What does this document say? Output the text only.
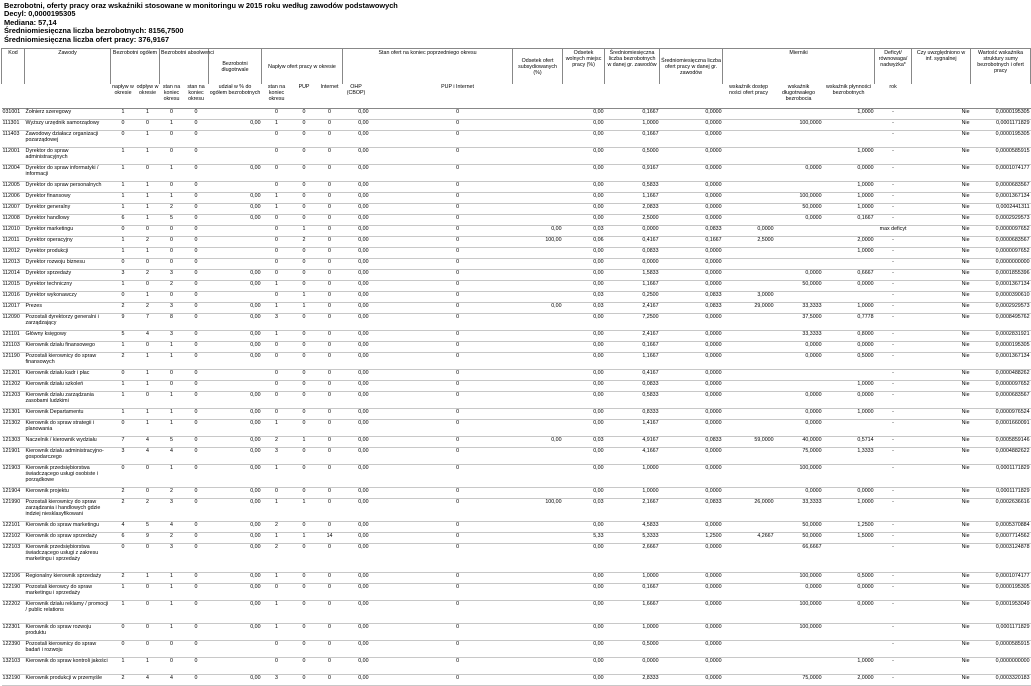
Bezrobotni, oferty pracy oraz wskaźniki stosowane w monitoringu w 2015 roku według zawodów podstawowych
Decyl: 0,0000195305
Mediana: 57,14
Średniomiesięczna liczba bezrobotnych: 8156,7500
Średniomiesięczna liczba ofert pracy: 376,9167
Kod	Zawody	Bezrobotni ogółem		Bezrobotni absolwenci		Bezrobotni długotrwale	Napływ ofert pracy w okresie			Stan ofert na koniec poprzedniego okresu			Odsetek ofert subsydiowanych (%)	Odsetek wolnych miejsc pracy (%)	Średniomiesięczna liczba bezrobotnych w danej gr. zawodów	Średniomiesięczna liczba ofert pracy w danej gr. zawodów	Mierniki			Deficyt/ równowaga/ nadwyżka*	Czy uwzględniono w inf. sygnalnej	Wartość wskaźnika struktury sumy bezrobotnych i ofert pracy
		napływ w okresie	odpływ w okresie	stan na koniec okresu	stan na koniec okresu	udział w % do ogółem bezrobotnych	stan na koniec okresu	PUP	Internet	OHP (CBOP)		PUP i Internet					wskaźnik dostęp ności ofert pracy	wskaźnik długotrwałego bezrobocia	wskaźnik płynności bezrobotnych	rok		
031001	Żołnierz szeregowy	1	1	0	0		0	0	0	0,00		0		0,00	0,1667	0,0000			1,0000	-	Nie	0,0000195305
111301	Wyższy urzędnik samorządowy	0	0	1	0	0,00	1	0	0	0,00		0		0,00	1,0000	0,0000		100,0000		-	Nie	0,0001171829
111403	Zawodowy działacz organizacji pozarządowej	0	1	0	0		0	0	0	0,00		0		0,00	0,1667	0,0000				-	Nie	0,0000195305
112001	Dyrektor do spraw administracyjnych	1	1	0	0		0	0	0	0,00		0		0,00	0,5000	0,0000			1,0000	-	Nie	0,0000585915
112004	Dyrektor do spraw informatyki / informacji	1	0	1	0	0,00	0	0	0	0,00		0		0,00	0,9167	0,0000		0,0000	0,0000	-	Nie	0,0001074177
112005	Dyrektor do spraw personalnych	1	1	0	0		0	0	0	0,00		0		0,00	0,5833	0,0000			1,0000	-	Nie	0,0000683567
112006	Dyrektor finansowy	1	1	1	0	0,00	1	0	0	0,00		0		0,00	1,1667	0,0000		100,0000	1,0000	-	Nie	0,0001367134
112007	Dyrektor generalny	1	1	2	0	0,00	1	0	0	0,00		0		0,00	2,0833	0,0000		50,0000	1,0000	-	Nie	0,0002441311
112008	Dyrektor handlowy	6	1	5	0	0,00	0	0	0	0,00		0		0,00	2,5000	0,0000		0,0000	0,1667	-	Nie	0,0002929573
112010	Dyrektor marketingu	0	0	0	0		0	1	0	0,00		0	0,00	0,03	0,0000	0,0833	0,0000			max deficyt	Nie	0,0000097652
112011	Dyrektor operacyjny	1	2	0	0		0	2	0	0,00		0	100,00	0,06	0,4167	0,1667	2,5000		2,0000	-	Nie	0,0000683567
112012	Dyrektor produkcji	1	1	0	0		0	0	0	0,00		0		0,00	0,0833	0,0000			1,0000	-	Nie	0,0000097652
112013	Dyrektor rozwoju biznesu	0	0	0	0		0	0	0	0,00		0		0,00	0,0000	0,0000				-	Nie	0,0000000000
112014	Dyrektor sprzedaży	3	2	3	0	0,00	0	0	0	0,00		0		0,00	1,5833	0,0000		0,0000	0,6667	-	Nie	0,0001855396
112015	Dyrektor techniczny	1	0	2	0	0,00	1	0	0	0,00		0		0,00	1,1667	0,0000		50,0000	0,0000	-	Nie	0,0001367134
112016	Dyrektor wykonawczy	0	1	0	0		0	1	0	0,00		0		0,03	0,2500	0,0833	3,0000			-	Nie	0,0000390610
112017	Prezes	2	2	3	0	0,00	1	1	0	0,00		0	0,00	0,03	2,4167	0,0833	29,0000	33,3333	1,0000	-	Nie	0,0002929573
112090	Pozostali dyrektorzy generalni i zarządzający	9	7	8	0	0,00	3	0	0	0,00		0		0,00	7,2500	0,0000		37,5000	0,7778	-	Nie	0,0008495762
121101	Główny księgowy	5	4	3	0	0,00	1	0	0	0,00		0		0,00	2,4167	0,0000		33,3333	0,8000	-	Nie	0,0002831921
121103	Kierownik działu finansowego	1	0	1	0	0,00	0	0	0	0,00		0		0,00	0,1667	0,0000		0,0000	0,0000	-	Nie	0,0000195305
121190	Pozostali kierownicy do spraw finansowych	2	1	1	0	0,00	0	0	0	0,00		0		0,00	1,1667	0,0000		0,0000	0,5000	-	Nie	0,0001367134
121201	Kierownik działu kadr i płac	0	1	0	0		0	0	0	0,00		0		0,00	0,4167	0,0000				-	Nie	0,0000488262
121202	Kierownik działu szkoleń	1	1	0	0		0	0	0	0,00		0		0,00	0,0833	0,0000			1,0000	-	Nie	0,0000097652
121203	Kierownik działu zarządzania zasobami ludzkimi	1	0	1	0	0,00	0	0	0	0,00		0		0,00	0,5833	0,0000		0,0000	0,0000	-	Nie	0,0000683567
121301	Kierownik Departamentu	1	1	1	0	0,00	0	0	0	0,00		0		0,00	0,8333	0,0000		0,0000	1,0000	-	Nie	0,0000976524
121302	Kierownik do spraw strategii i planowania	0	1	1	0	0,00	1	0	0	0,00		0		0,00	1,4167	0,0000		0,0000		-	Nie	0,0001660091
121303	Naczelnik / kierownik wydziału	7	4	5	0	0,00	2	1	0	0,00		0	0,00	0,03	4,9167	0,0833	59,0000	40,0000	0,5714	-	Nie	0,0005859146
121901	Kierownik działu administracyjno-gospodarczego	3	4	4	0	0,00	3	0	0	0,00		0		0,00	4,1667	0,0000		75,0000	1,3333	-	Nie	0,0004882622
121903	Kierownik przedsiębiorstwa świadczącego usługi osobiste i porządkowe	0	0	1	0	0,00	1	0	0	0,00		0		0,00	1,0000	0,0000		100,0000		-	Nie	0,0001171829
121904	Kierownik projektu	2	0	2	0	0,00	0	0	0	0,00		0		0,00	1,0000	0,0000		0,0000	0,0000	-	Nie	0,0001171829
121990	Pozostali kierownicy do spraw zarządzania i handlowych gdzie indziej niesklasyfikowani	2	2	3	0	0,00	1	1	0	0,00		0	100,00	0,03	2,1667	0,0833	26,0000	33,3333	1,0000	-	Nie	0,0002636616
122101	Kierownik do spraw marketingu	4	5	4	0	0,00	2	0	0	0,00		0		0,00	4,5833	0,0000		50,0000	1,2500	-	Nie	0,0005370884
122102	Kierownik do spraw sprzedaży	6	9	2	0	0,00	1	1	14	0,00		0		5,33	5,3333	1,2500	4,2667	50,0000	1,5000	-	Nie	0,0007714562
122103	Kierownik przedsiębiorstwa świadczącego usługi z zakresu marketingu i sprzedaży	0	0	3	0	0,00	2	0	0	0,00		0		0,00	2,6667	0,0000		66,6667		-	Nie	0,0003124878
122106	Regionalny kierownik sprzedaży	2	1	1	0	0,00	1	0	0	0,00		0		0,00	1,0000	0,0000		100,0000	0,5000	-	Nie	0,0001074177
122190	Pozostali kierowcy do spraw marketingu i sprzedaży	1	0	1	0	0,00	0	0	0	0,00		0		0,00	0,1667	0,0000		0,0000	0,0000	-	Nie	0,0000195305
122202	Kierownik działu reklamy / promocji / public relations	1	0	1	0	0,00	1	0	0	0,00		0		0,00	1,6667	0,0000		100,0000	0,0000	-	Nie	0,0001953049
122301	Kierownik do spraw rozwoju produktu	0	0	1	0	0,00	1	0	0	0,00		0		0,00	1,0000	0,0000		100,0000		-	Nie	0,0001171829
122390	Pozostali kierownicy do spraw badań i rozwoju	0	0	0	0		0	0	0	0,00		0		0,00	0,5000	0,0000				-	Nie	0,0000585915
132103	Kierownik do spraw kontroli jakości	1	1	0	0		0	0	0	0,00		0		0,00	0,0000	0,0000			1,0000	-	Nie	0,0000000000
132190	Kierownik produkcji w przemyśle	2	4	4	0	0,00	3	0	0	0,00		0		0,00	2,8333	0,0000		75,0000	2,0000	-	Nie	0,0003320183
